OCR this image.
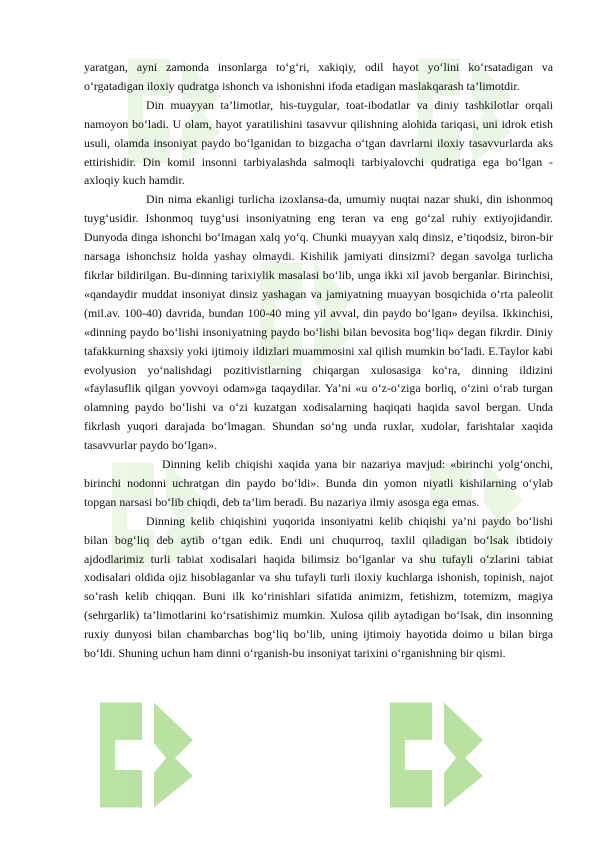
yaratgan, ayni zamonda insonlarga to‘g‘ri, xakiqiy, odil hayot yo‘lini ko‘rsatadigan va o‘rgatadigan iloxiy qudratga ishonch va ishonishni ifoda etadigan maslakqarash ta’limotdir.

Din muayyan ta’limotlar, his-tuygular, toat-ibodatlar va diniy tashkilotlar orqali namoyon bo‘ladi. U olam, hayot yaratilishini tasavvur qilishning alohida tariqasi, uni idrok etish usuli, olamda insoniyat paydo bo‘lganidan to bizgacha o‘tgan davrlarni iloxiy tasavvurlarda aks ettirishidir. Din komil insonni tarbiyalashda salmoqli tarbiyalovchi qudratiga ega bo‘lgan - axloqiy kuch hamdir.

Din nima ekanligi turlicha izoxlansa-da, umumiy nuqtai nazar shuki, din ishonmoq tuyg‘usidir. Ishonmoq tuyg‘usi insoniyatning eng teran va eng go‘zal ruhiy extiyojidandir. Dunyoda dinga ishonchi bo‘lmagan xalq yo‘q. Chunki muayyan xalq dinsiz, e’tiqodsiz, biron-bir narsaga ishonchsiz holda yashay olmaydi. Kishilik jamiyati dinsizmi? degan savolga turlicha fikrlar bildirilgan. Bu-dinning tarixiylik masalasi bo‘lib, unga ikki xil javob berganlar. Birinchisi, «qandaydir muddat insoniyat dinsiz yashagan va jamiyatning muayyan bosqichida o‘rta paleolit (mil.av. 100-40) davrida, bundan 100-40 ming yil avval, din paydo bo‘lgan» deyilsa. Ikkinchisi, «dinning paydo bo‘lishi insoniyatning paydo bo‘lishi bilan bevosita bog‘liq» degan fikrdir. Diniy tafakkurning shaxsiy yoki ijtimoiy ildizlari muammosini xal qilish mumkin bo‘ladi. E.Taylor kabi evolyusion yo‘nalishdagi pozitivistlarning chiqargan xulosasiga ko‘ra, dinning ildizini «faylasuflik qilgan yovvoyi odam»ga taqaydilar. Ya’ni «u o‘z-o‘ziga borliq, o‘zini o‘rab turgan olamning paydo bo‘lishi va o‘zi kuzatgan xodisalarning haqiqati haqida savol bergan. Unda fikrlash yuqori darajada bo‘lmagan. Shundan so‘ng unda ruxlar, xudolar, farishtalar xaqida tasavvurlar paydo bo‘lgan».

Dinning kelib chiqishi xaqida yana bir nazariya mavjud: «birinchi yolg‘onchi, birinchi nodonni uchratgan din paydo bo‘ldi». Bunda din yomon niyatli kishilarning o‘ylab topgan narsasi bo‘lib chiqdi, deb ta’lim beradi. Bu nazariya ilmiy asosga ega emas.

Dinning kelib chiqishini yuqorida insoniyatni kelib chiqishi ya’ni paydo bo‘lishi bilan bog‘liq deb aytib o‘tgan edik. Endi uni chuqurroq, taxlil qiladigan bo‘lsak ibtidoiy ajdodlarimiz turli tabiat xodisalari haqida bilimsiz bo‘lganlar va shu tufayli o‘zlarini tabiat xodisalari oldida ojiz hisoblaganlar va shu tufayli turli iloxiy kuchlarga ishonish, topinish, najot so‘rash kelib chiqqan. Buni ilk ko‘rinishlari sifatida animizm, fetishizm, totemizm, magiya (sehrgarlik) ta’limotlarini ko‘rsatishimiz mumkin. Xulosa qilib aytadigan bo‘lsak, din insonning ruxiy dunyosi bilan chambarchas bog‘liq bo‘lib, uning ijtimoiy hayotida doimo u bilan birga bo‘ldi. Shuning uchun ham dinni o‘rganish-bu insoniyat tarixini o‘rganishning bir qismi.
